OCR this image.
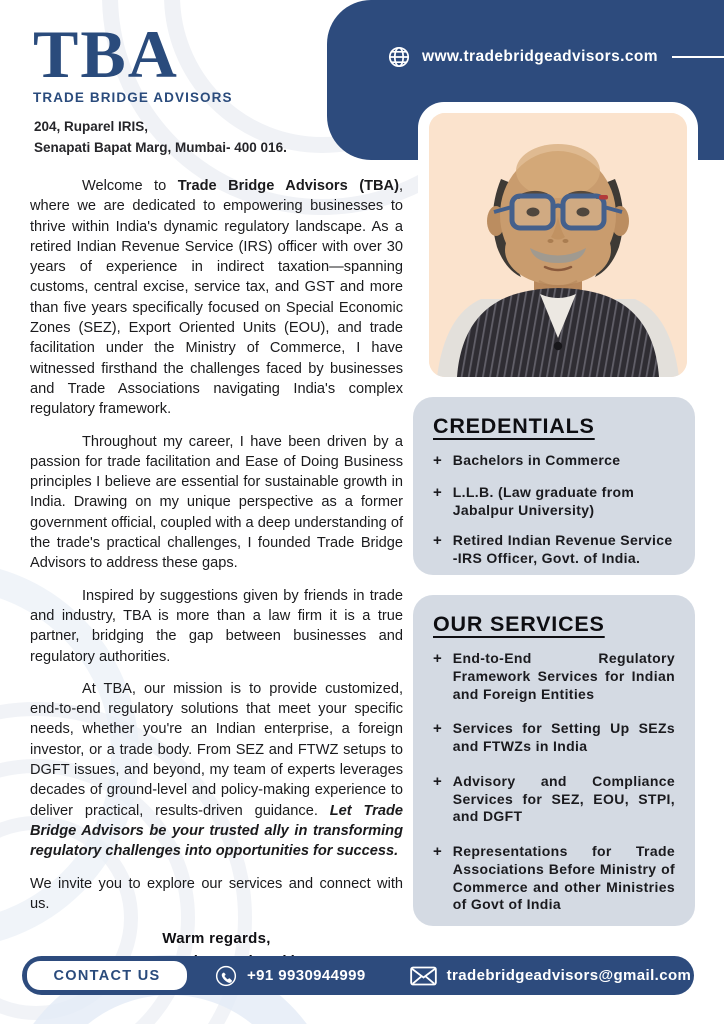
www.tradebridgeadvisors.com
TBA
TRADE BRIDGE ADVISORS
204, Ruparel IRIS,
Senapati Bapat Marg, Mumbai- 400 016.
CREDENTIALS
+ Bachelors in Commerce
+ L.L.B. (Law graduate from Jabalpur University)
+ Retired Indian Revenue Service -IRS Officer, Govt. of India.
OUR SERVICES
+ End-to-End Regulatory Framework Services for Indian and Foreign Entities
+ Services for Setting Up SEZs and FTWZs in India
+ Advisory and Compliance Services for SEZ, EOU, STPI, and DGFT
+ Representations for Trade Associations Before Ministry of Commerce and other Ministries of Govt of India

Welcome to Trade Bridge Advisors (TBA), where we are dedicated to empowering businesses to thrive within India's dynamic regulatory landscape. As a retired Indian Revenue Service (IRS) officer with over 30 years of experience in indirect taxation—spanning customs, central excise, service tax, and GST and more than five years specifically focused on Special Economic Zones (SEZ), Export Oriented Units (EOU), and trade facilitation under the Ministry of Commerce, I have witnessed firsthand the challenges faced by businesses and Trade Associations navigating India's complex regulatory framework.

Throughout my career, I have been driven by a passion for trade facilitation and Ease of Doing Business principles I believe are essential for sustainable growth in India. Drawing on my unique perspective as a former government official, coupled with a deep understanding of the trade's practical challenges, I founded Trade Bridge Advisors to address these gaps.

Inspired by suggestions given by friends in trade and industry, TBA is more than a law firm it is a true partner, bridging the gap between businesses and regulatory authorities.

At TBA, our mission is to provide customized, end-to-end regulatory solutions that meet your specific needs, whether you're an Indian enterprise, a foreign investor, or a trade body. From SEZ and FTWZ setups to DGFT issues, and beyond, my team of experts leverages decades of ground-level and policy-making experience to deliver practical, results-driven guidance. Let Trade Bridge Advisors be your trusted ally in transforming regulatory challenges into opportunities for success.

We invite you to explore our services and connect with us.

Warm regards,
CONTACT US	+91 9930944999	tradebridgeadvisors@gmail.com
